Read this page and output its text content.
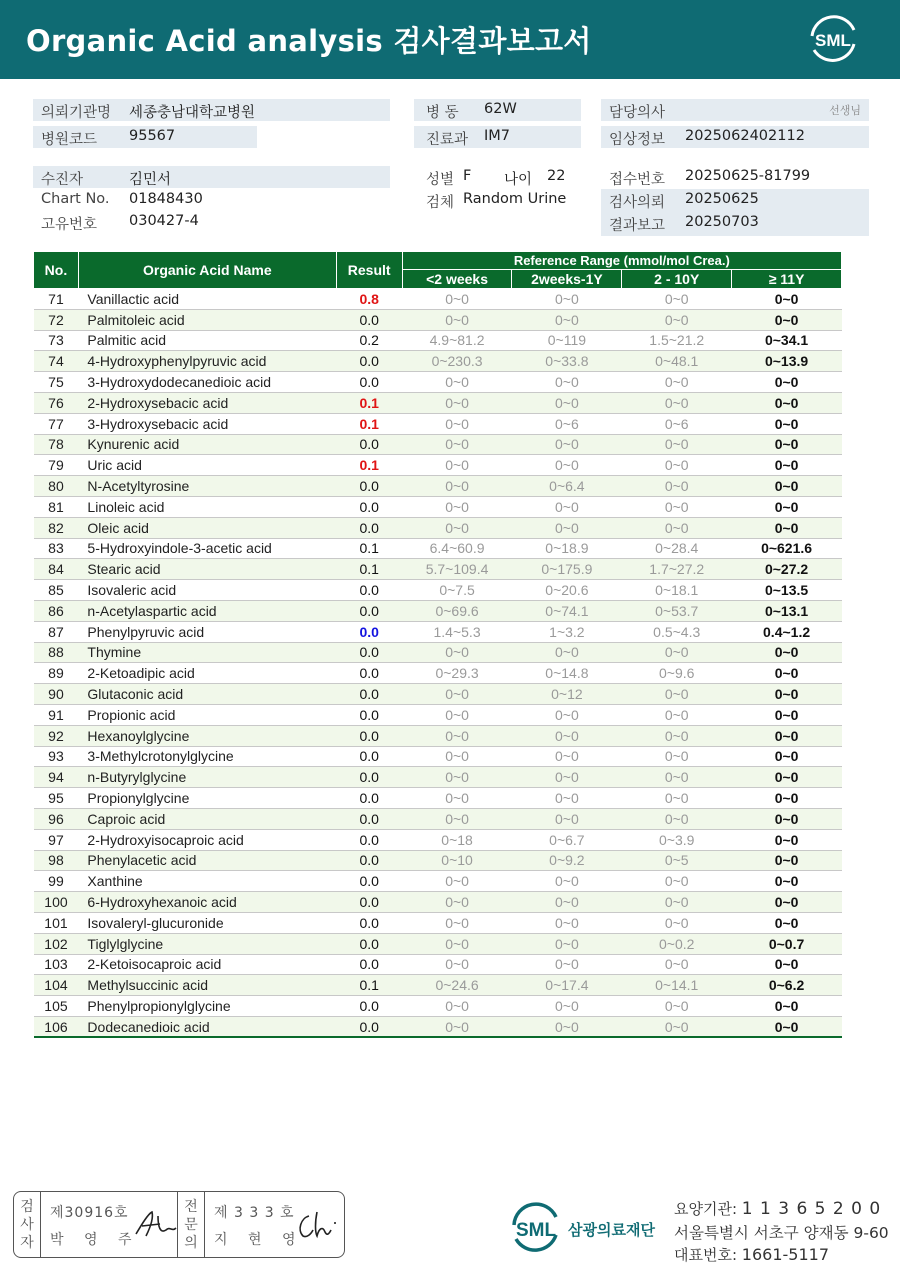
Organic Acid analysis 검사결과보고서	SML
의뢰기관명 세종충남대학교병원
병원코드 95567
병 동 62W
진료과 IM7
담당의사	선생님
임상정보 2025062402112
수진자	김민서
Chart No. 01848430
고유번호 030427-4
성별 F 나이 22
검체 Random Urine
접수번호 20250625-81799
검사의뢰 20250625
결과보고 20250703
No.	Organic Acid Name	Result	Reference Range (mmol/mol Crea.)			
			<2 weeks	2weeks-1Y	2 - 10Y	≥ 11Y
71	Vanillactic acid	0.8	0~0	0~0	0~0	0~0
72	Palmitoleic acid	0.0	0~0	0~0	0~0	0~0
73	Palmitic acid	0.2	4.9~81.2	0~119	1.5~21.2	0~34.1
74	4-Hydroxyphenylpyruvic acid	0.0	0~230.3	0~33.8	0~48.1	0~13.9
75	3-Hydroxydodecanedioic acid	0.0	0~0	0~0	0~0	0~0
76	2-Hydroxysebacic acid	0.1	0~0	0~0	0~0	0~0
77	3-Hydroxysebacic acid	0.1	0~0	0~6	0~6	0~0
78	Kynurenic acid	0.0	0~0	0~0	0~0	0~0
79	Uric acid	0.1	0~0	0~0	0~0	0~0
80	N-Acetyltyrosine	0.0	0~0	0~6.4	0~0	0~0
81	Linoleic acid	0.0	0~0	0~0	0~0	0~0
82	Oleic acid	0.0	0~0	0~0	0~0	0~0
83	5-Hydroxyindole-3-acetic acid	0.1	6.4~60.9	0~18.9	0~28.4	0~621.6
84	Stearic acid	0.1	5.7~109.4	0~175.9	1.7~27.2	0~27.2
85	Isovaleric acid	0.0	0~7.5	0~20.6	0~18.1	0~13.5
86	n-Acetylaspartic acid	0.0	0~69.6	0~74.1	0~53.7	0~13.1
87	Phenylpyruvic acid	0.0	1.4~5.3	1~3.2	0.5~4.3	0.4~1.2
88	Thymine	0.0	0~0	0~0	0~0	0~0
89	2-Ketoadipic acid	0.0	0~29.3	0~14.8	0~9.6	0~0
90	Glutaconic acid	0.0	0~0	0~12	0~0	0~0
91	Propionic acid	0.0	0~0	0~0	0~0	0~0
92	Hexanoylglycine	0.0	0~0	0~0	0~0	0~0
93	3-Methylcrotonylglycine	0.0	0~0	0~0	0~0	0~0
94	n-Butyrylglycine	0.0	0~0	0~0	0~0	0~0
95	Propionylglycine	0.0	0~0	0~0	0~0	0~0
96	Caproic acid	0.0	0~0	0~0	0~0	0~0
97	2-Hydroxyisocaproic acid	0.0	0~18	0~6.7	0~3.9	0~0
98	Phenylacetic acid	0.0	0~10	0~9.2	0~5	0~0
99	Xanthine	0.0	0~0	0~0	0~0	0~0
100	6-Hydroxyhexanoic acid	0.0	0~0	0~0	0~0	0~0
101	Isovaleryl-glucuronide	0.0	0~0	0~0	0~0	0~0
102	Tiglylglycine	0.0	0~0	0~0	0~0.2	0~0.7
103	2-Ketoisocaproic acid	0.0	0~0	0~0	0~0	0~0
104	Methylsuccinic acid	0.1	0~24.6	0~17.4	0~14.1	0~6.2
105	Phenylpropionylglycine	0.0	0~0	0~0	0~0	0~0
106	Dodecanedioic acid	0.0	0~0	0~0	0~0	0~0
검사자
제30916호
박 영 주
전문의
제 3 3 3 호
지 현 영	SML 삼광의료재단
요양기관: 1 1 3 6 5 2 0 0
서울특별시 서초구 양재동 9-60
대표번호: 1661-5117
